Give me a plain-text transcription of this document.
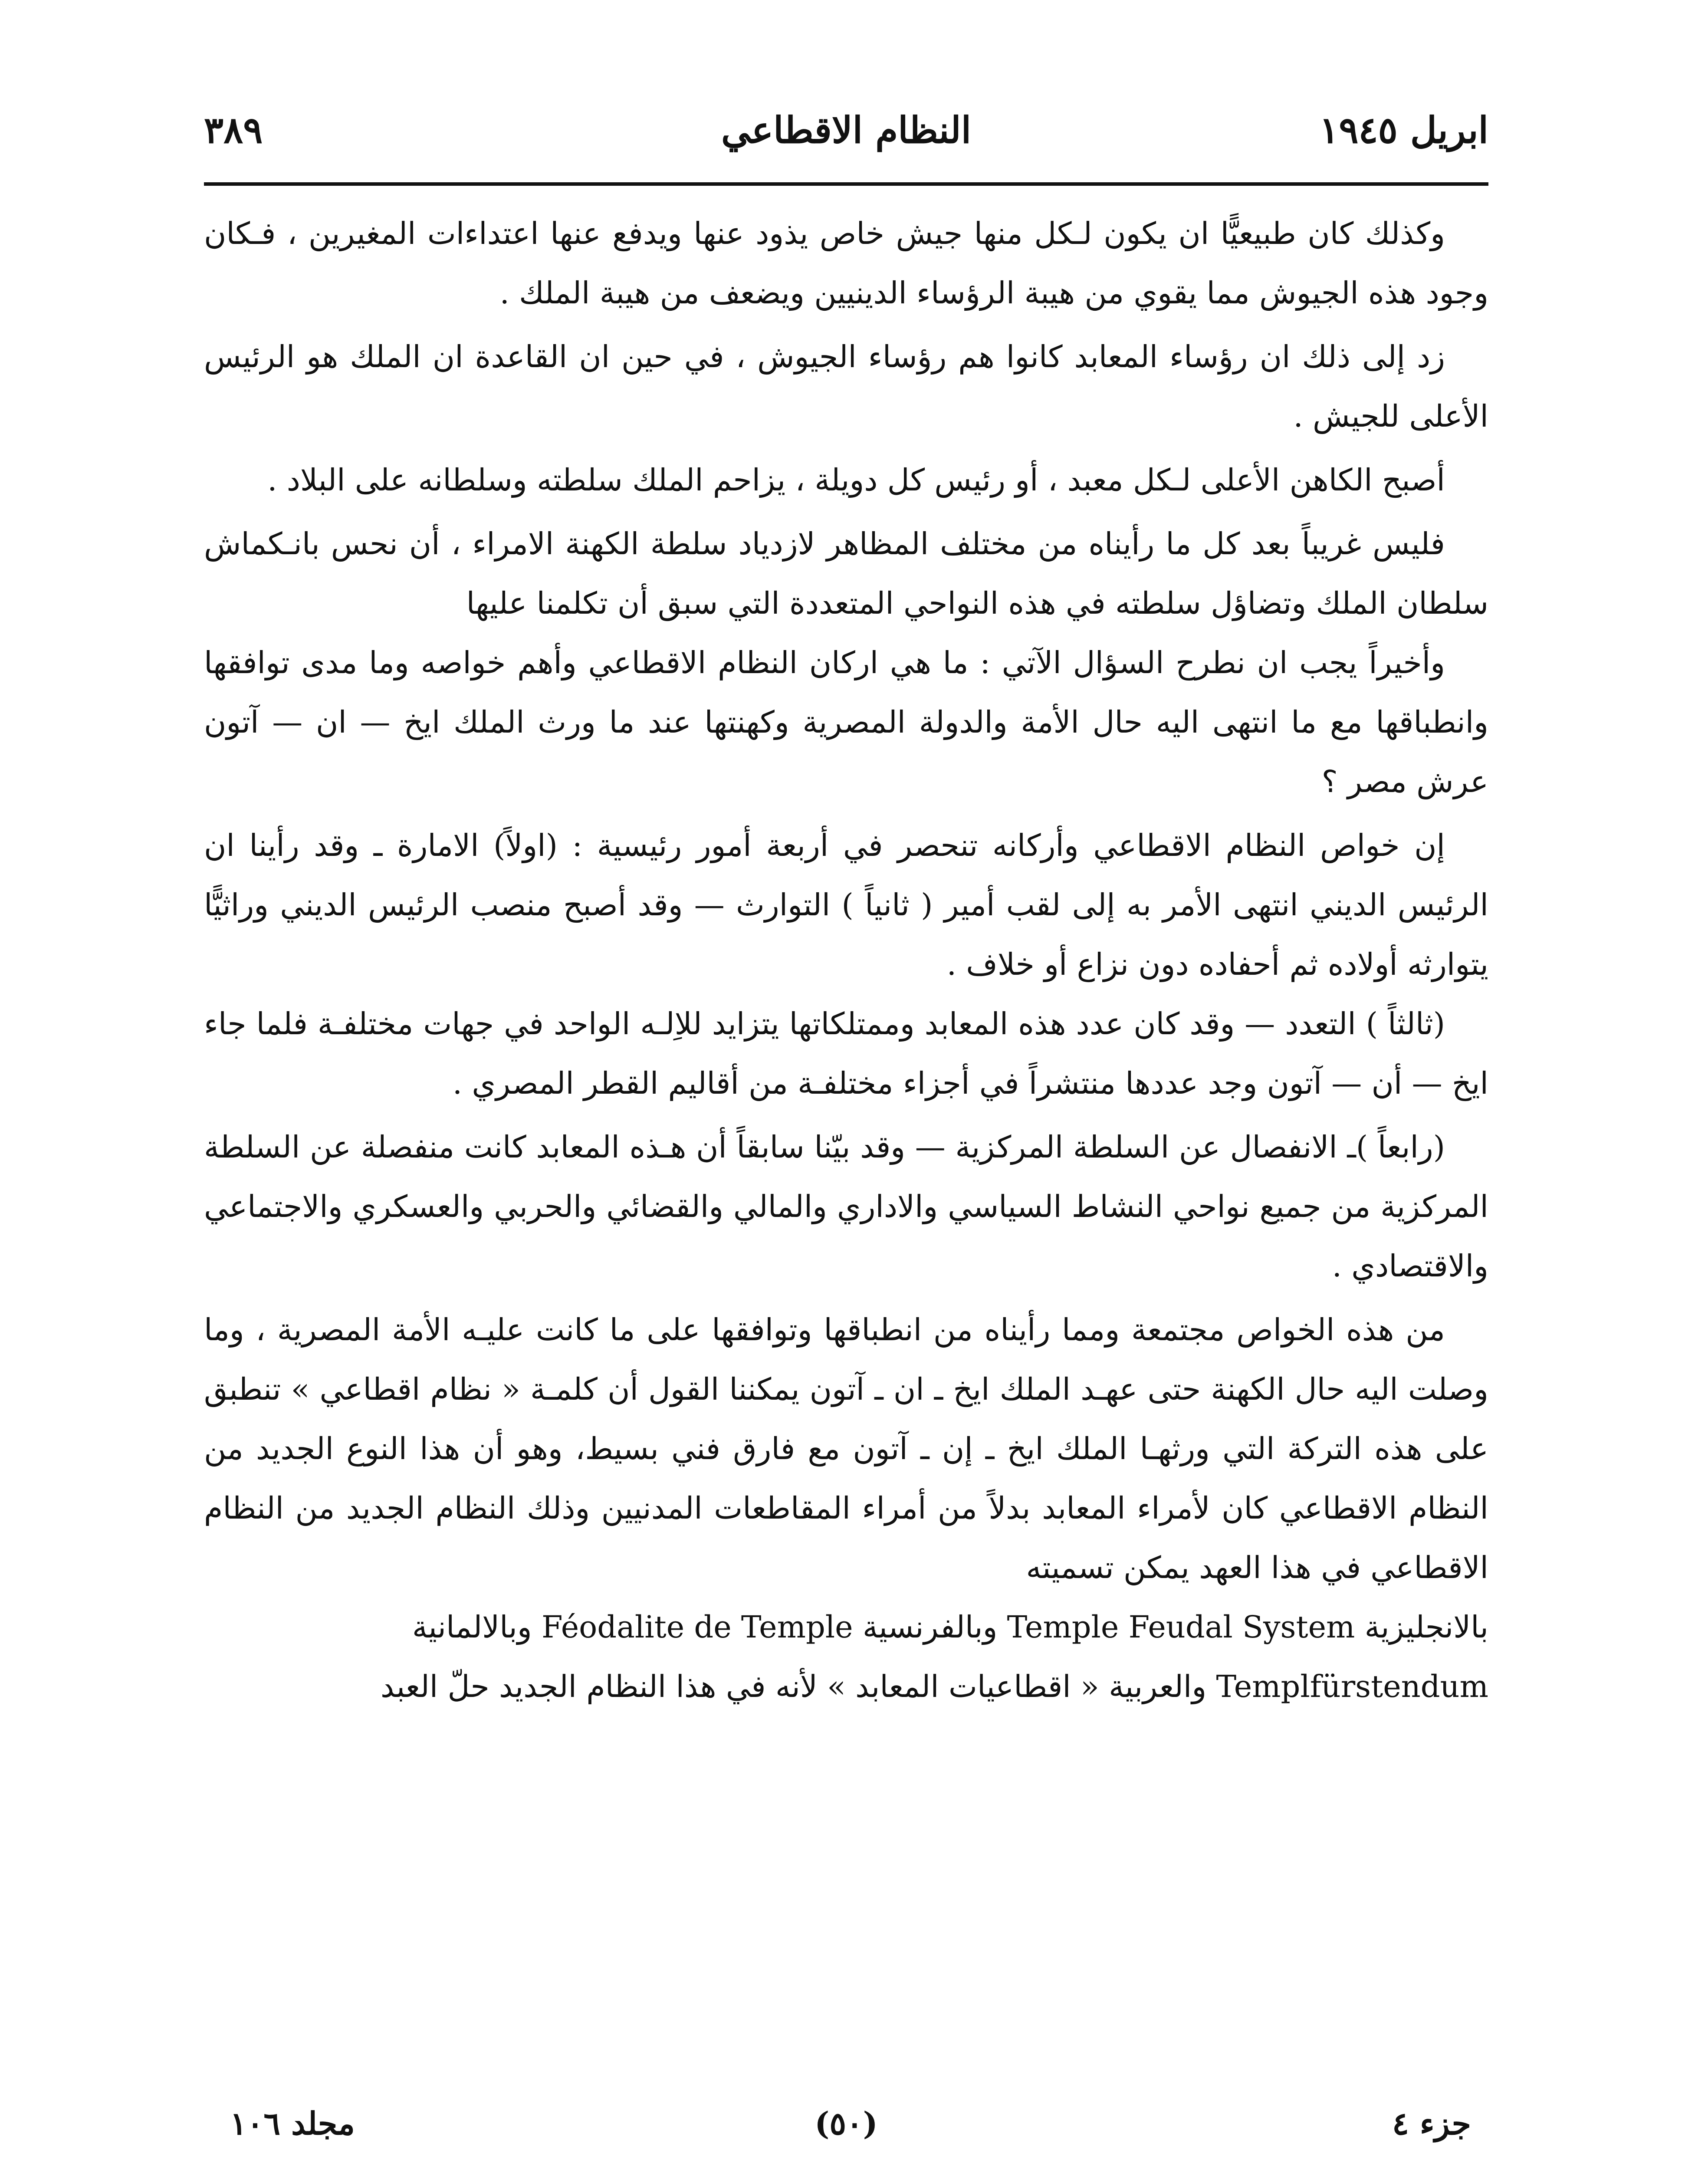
ابريل ١٩٤٥
النظام الاقطاعي
٣٨٩

وكذلك كان طبيعيًّا ان يكون لـكل منها جيش خاص يذود عنها ويدفع عنها اعتداءات المغيرين ، فـكان وجود هذه الجيوش مما يقوي من هيبة الرؤساء الدينيين ويضعف من هيبة الملك .

زد إلى ذلك ان رؤساء المعابد كانوا هم رؤساء الجيوش ، في حين ان القاعدة ان الملك هو الرئيس الأعلى للجيش .

أصبح الكاهن الأعلى لـكل معبد ، أو رئيس كل دويلة ، يزاحم الملك سلطته وسلطانه على البلاد .

فليس غريباً بعد كل ما رأيناه من مختلف المظاهر لازدياد سلطة الكهنة الامراء ، أن نحس بانـكماش سلطان الملك وتضاؤل سلطته في هذه النواحي المتعددة التي سبق أن تكلمنا عليها

وأخيراً يجب ان نطرح السؤال الآتي : ما هي اركان النظام الاقطاعي وأهم خواصه وما مدى توافقها وانطباقها مع ما انتهى اليه حال الأمة والدولة المصرية وكهنتها عند ما ورث الملك ايخ — ان — آتون عرش مصر ؟

إن خواص النظام الاقطاعي وأركانه تنحصر في أربعة أمور رئيسية : (اولاً) الامارة ـ وقد رأينا ان الرئيس الديني انتهى الأمر به إلى لقب أمير ( ثانياً ) التوارث — وقد أصبح منصب الرئيس الديني وراثيًّا يتوارثه أولاده ثم أحفاده دون نزاع أو خلاف .

(ثالثاً ) التعدد — وقد كان عدد هذه المعابد وممتلكاتها يتزايد للاِلـه الواحد في جهات مختلفـة فلما جاء ايخ — أن — آتون وجد عددها منتشراً في أجزاء مختلفـة من أقاليم القطر المصري .

(رابعاً )ـ الانفصال عن السلطة المركزية — وقد بيّنا سابقاً أن هـذه المعابد كانت منفصلة عن السلطة المركزية من جميع نواحي النشاط السياسي والاداري والمالي والقضائي والحربي والعسكري والاجتماعي والاقتصادي .

من هذه الخواص مجتمعة ومما رأيناه من انطباقها وتوافقها على ما كانت عليـه الأمة المصرية ، وما وصلت اليه حال الكهنة حتى عهـد الملك ايخ ـ ان ـ آتون يمكننا القول أن كلمـة « نظام اقطاعي » تنطبق على هذه التركة التي ورثهـا الملك ايخ ـ إن ـ آتون مع فارق فني بسيط، وهو أن هذا النوع الجديد من النظام الاقطاعي كان لأمراء المعابد بدلاً من أمراء المقاطعات المدنيين وذلك النظام الجديد من النظام الاقطاعي في هذا العهد يمكن تسميته

بالانجليزية Temple Feudal System وبالفرنسية Féodalite de Temple وبالالمانية

Templfürstendum والعربية « اقطاعيات المعابد » لأنه في هذا النظام الجديد حلّ العبد

جزء ٤
(٥٠)
مجلد ١٠٦
